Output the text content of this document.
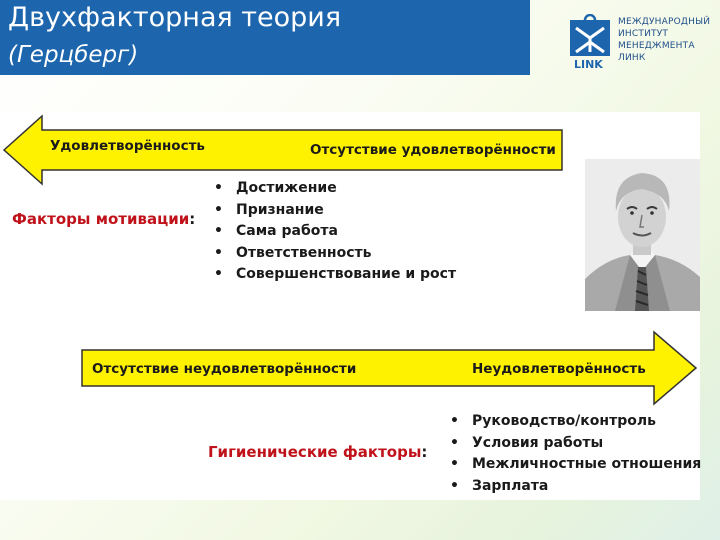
Двухфакторная теория
(Герцберг)	LINK
МЕЖДУНАРОДНЫЙ
ИНСТИТУТ
МЕНЕДЖМЕНТА
ЛИНК
Удовлетворённость	Отсутствие удовлетворённости
Факторы мотивации:
• Достижение
• Признание
• Сама работа
• Ответственность
• Совершенствование и рост
Отсутствие неудовлетворённости	Неудовлетворённость
Гигиенические факторы:
• Руководство/контроль
• Условия работы
• Межличностные отношения
• Зарплата
